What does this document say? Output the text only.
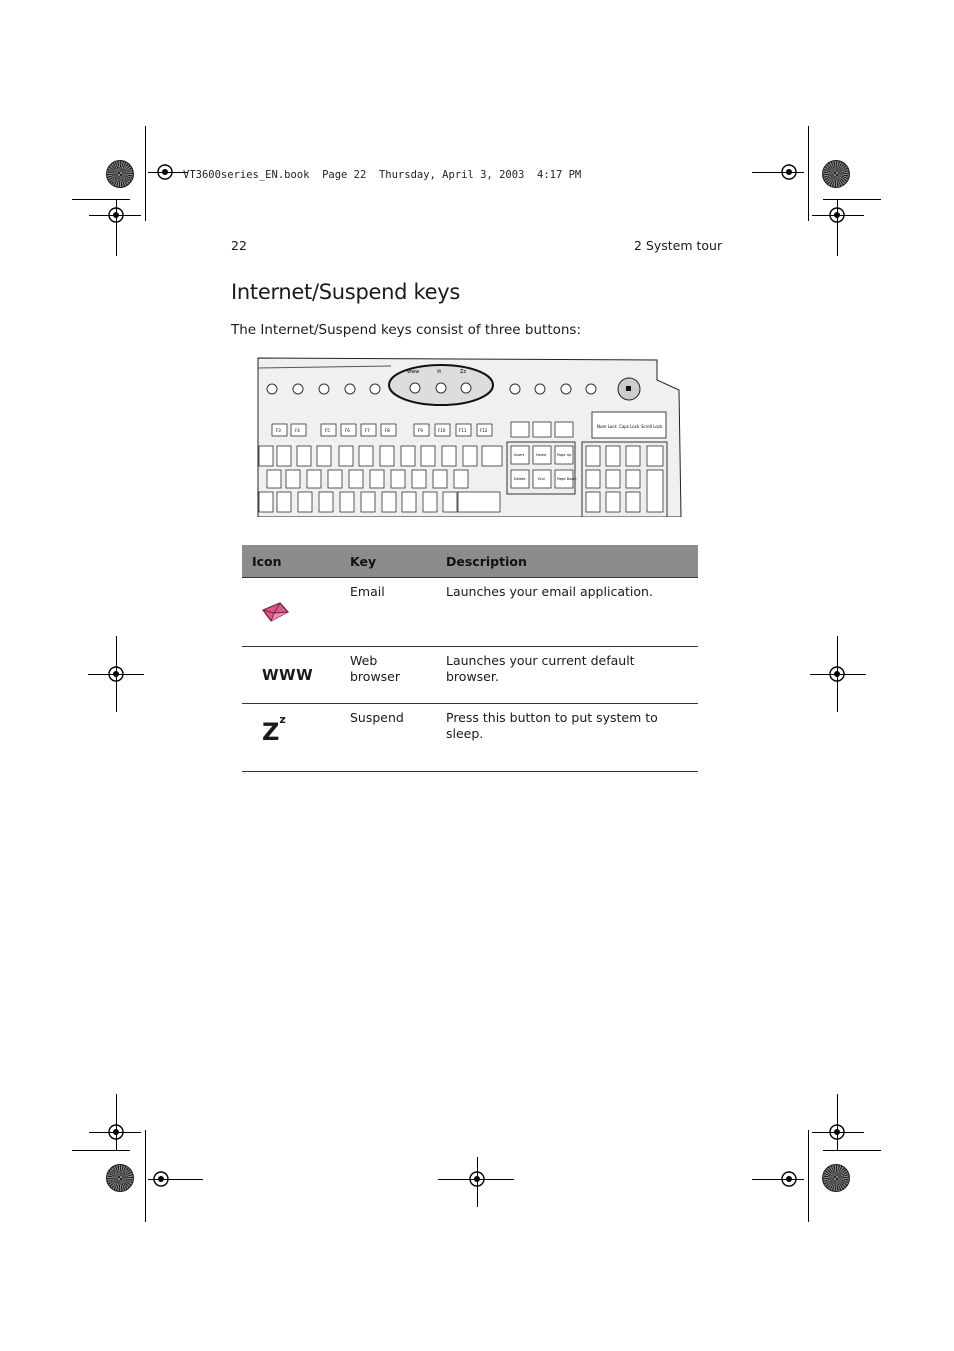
VT3600series_EN.book  Page 22  Thursday, April 3, 2003  4:17 PM
22	2 System tour
Internet/Suspend keys
The Internet/Suspend keys consist of three buttons:
www	✉	Zz
Num Lock Caps Lock Scroll Lock
F3	F4	F5	F6	F7	F8	F9	F10	F11	F12
Insert	Home	Page Up
Delete	End	Page Down
Icon	Key	Description

	Email	Launches your email application.

WWW	Web browser	Launches your current default browser.

$Z^z$	Suspend	Press this button to put system to sleep.
